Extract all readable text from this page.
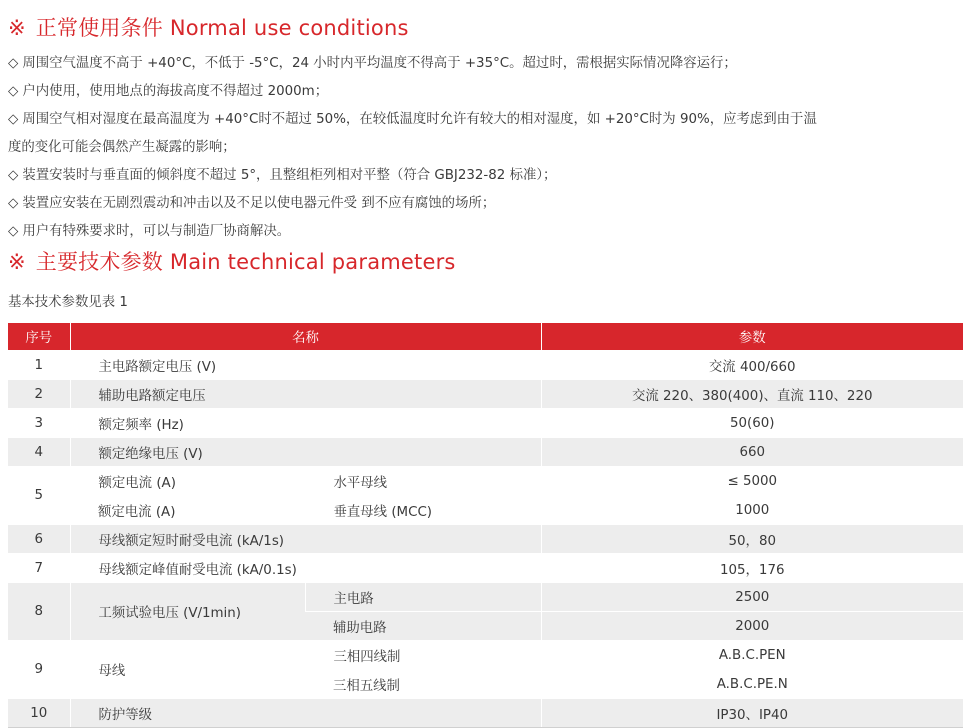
※ 正常使用条件 Normal use conditions
◇ 周围空气温度不高于 +40°C，不低于 -5°C，24 小时内平均温度不得高于 +35°C。超过时，需根据实际情况降容运行；
◇ 户内使用，使用地点的海拔高度不得超过 2000m；
◇ 周围空气相对湿度在最高温度为 +40°C时不超过 50%，在较低温度时允许有较大的相对湿度，如 +20°C时为 90%，应考虑到由于温
度的变化可能会偶然产生凝露的影响；
◇ 装置安装时与垂直面的倾斜度不超过 5°，且整组柜列相对平整（符合 GBJ232-82 标准）；
◇ 装置应安装在无剧烈震动和冲击以及不足以使电器元件受 到不应有腐蚀的场所；
◇ 用户有特殊要求时，可以与制造厂协商解决。
※ 主要技术参数 Main technical parameters
基本技术参数见表 1
序号	名称		参数
1	主电路额定电压 (V)		交流 400/660
2	辅助电路额定电压		交流 220、380(400)、直流 110、220
3	额定频率 (Hz)		50(60)
4	额定绝缘电压 (V)		660
5	额定电流 (A)	水平母线	≤ 5000
	额定电流 (A)	垂直母线 (MCC)	1000
6	母线额定短时耐受电流 (kA/1s)		50，80
7	母线额定峰值耐受电流 (kA/0.1s)		105，176
8	工频试验电压 (V/1min)	主电路	2500
		辅助电路	2000
9	母线	三相四线制	A.B.C.PEN
		三相五线制	A.B.C.PE.N
10	防护等级		IP30、IP40
